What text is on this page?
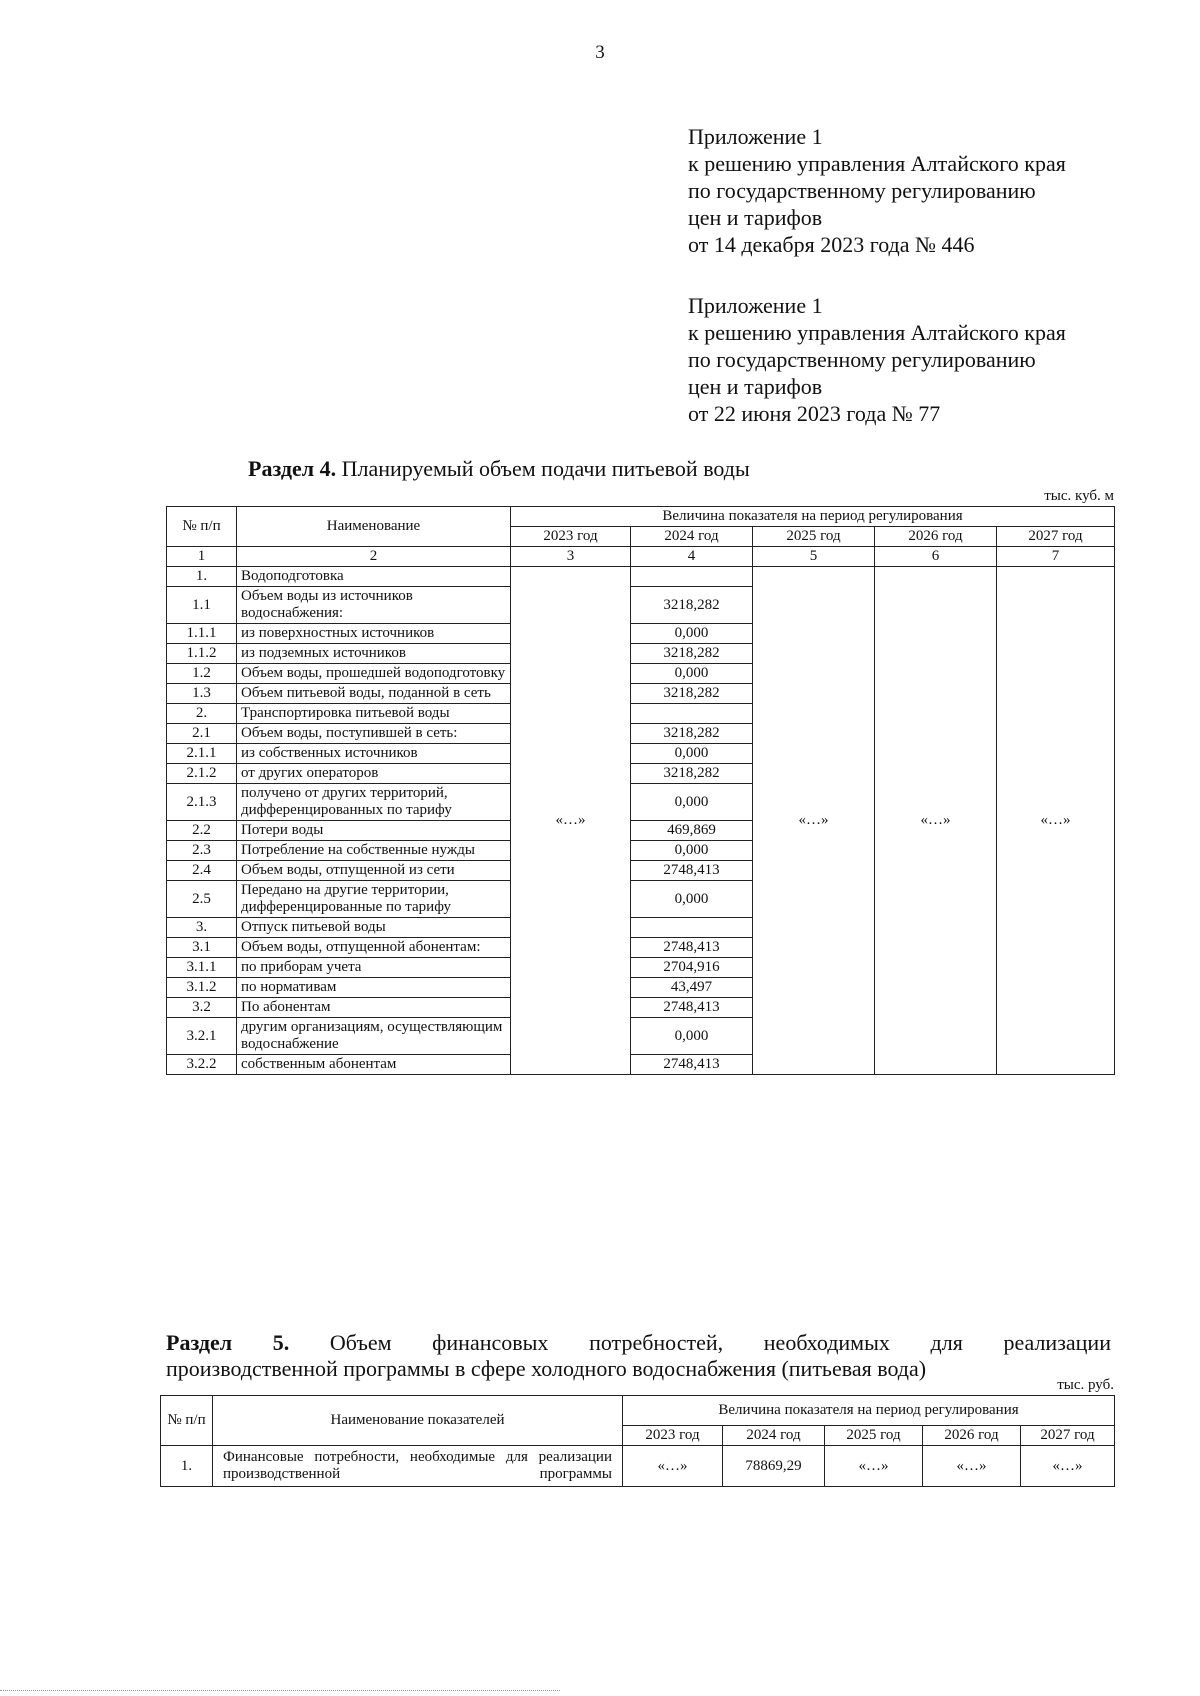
3
Приложение 1
к решению управления Алтайского края
по государственному регулированию
цен и тарифов
от 14 декабря 2023 года № 446
Приложение 1
к решению управления Алтайского края
по государственному регулированию
цен и тарифов
от 22 июня 2023 года № 77
Раздел 4. Планируемый объем подачи питьевой воды
тыс. куб. м
№ п/п	Наименование	Величина показателя на период регулирования				
		2023 год	2024 год	2025 год	2026 год	2027 год
1	2	3	4	5	6	7
1.	Водоподготовка	«…»		«…»	«…»	«…»
1.1	Объем воды из источников водоснабжения:		3218,282			
1.1.1	из поверхностных источников		0,000			
1.1.2	из подземных источников		3218,282			
1.2	Объем воды, прошедшей водоподготовку		0,000			
1.3	Объем питьевой воды, поданной в сеть		3218,282			
2.	Транспортировка питьевой воды					
2.1	Объем воды, поступившей в сеть:		3218,282			
2.1.1	из собственных источников		0,000			
2.1.2	от других операторов		3218,282			
2.1.3	получено от других территорий, дифференцированных по тарифу		0,000			
2.2	Потери воды		469,869			
2.3	Потребление на собственные нужды		0,000			
2.4	Объем воды, отпущенной из сети		2748,413			
2.5	Передано на другие территории, дифференцированные по тарифу		0,000			
3.	Отпуск питьевой воды					
3.1	Объем воды, отпущенной абонентам:		2748,413			
3.1.1	по приборам учета		2704,916			
3.1.2	по нормативам		43,497			
3.2	По абонентам		2748,413			
3.2.1	другим организациям, осуществляющим водоснабжение		0,000			
3.2.2	собственным абонентам		2748,413			
Раздел 5. Объем финансовых потребностей, необходимых для реализации
производственной программы в сфере холодного водоснабжения (питьевая вода)
тыс. руб.
№ п/п	Наименование показателей	Величина показателя на период регулирования				
		2023 год	2024 год	2025 год	2026 год	2027 год
1.	Финансовые потребности, необходимые для реализации производственной программы	«…»	78869,29	«…»	«…»	«…»
